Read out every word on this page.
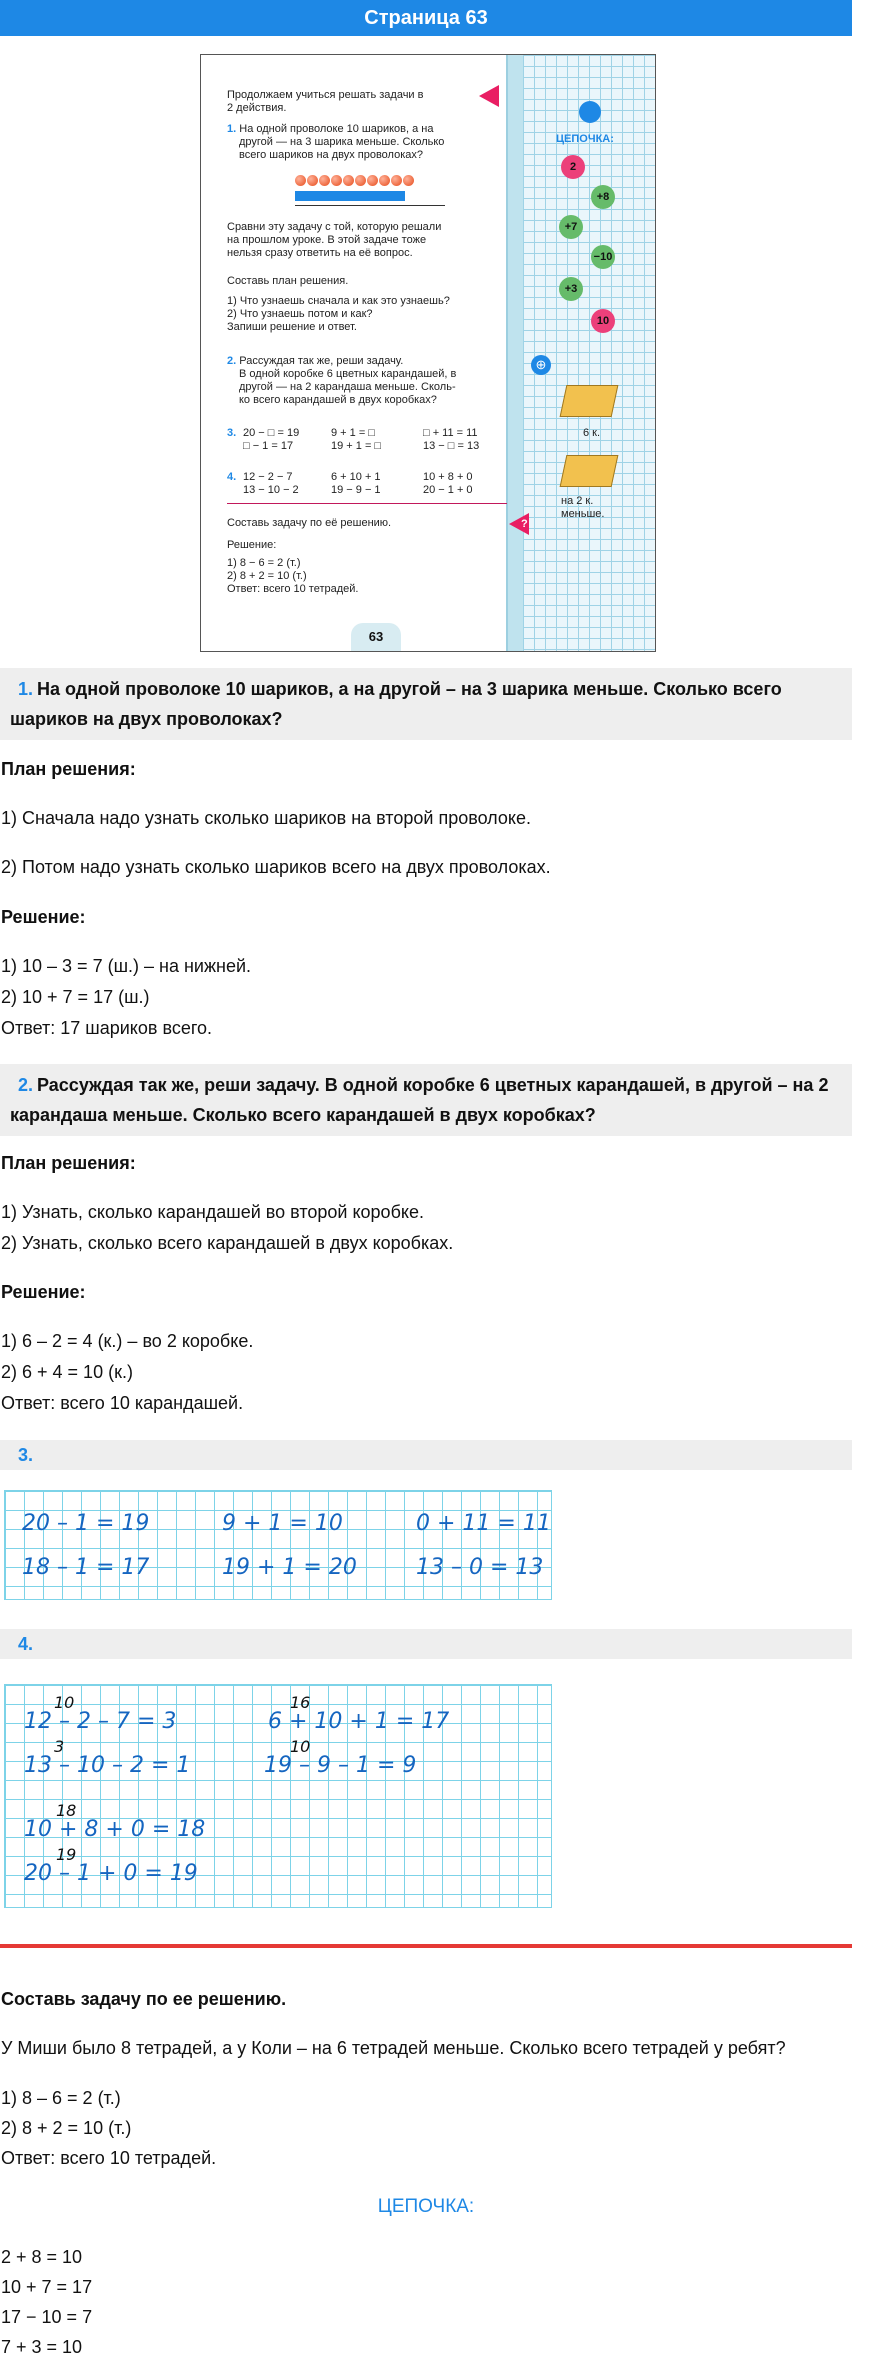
Страница 63
Продолжаем учиться решать задачи в
2 действия.
1. На одной проволоке 10 шариков, а на
другой — на 3 шарика меньше. Сколько
всего шариков на двух проволоках?
Сравни эту задачу с той, которую решали
на прошлом уроке. В этой задаче тоже
нельзя сразу ответить на её вопрос.
Составь план решения.
1) Что узнаешь сначала и как это узнаешь?
2) Что узнаешь потом и как?
Запиши решение и ответ.
2. Рассуждая так же, реши задачу.
В одной коробке 6 цветных карандашей, в
другой — на 2 карандаша меньше. Сколь-
ко всего карандашей в двух коробках?
3. 20 − □ = 19
□ − 1 = 17
9 + 1 = □
19 + 1 = □
□ + 11 = 11
13 − □ = 13
4. 12 − 2 − 7
13 − 10 − 2
6 + 10 + 1
19 − 9 − 1
10 + 8 + 0
20 − 1 + 0
Составь задачу по её решению.
Решение:
1) 8 − 6 = 2 (т.)
2) 8 + 2 = 10 (т.)
Ответ: всего 10 тетрадей.
63
ЦЕПОЧКА:
2
+8
+7
−10
+3
10
⊕
6 к.
на 2 к.
меньше.
?
1. На одной проволоке 10 шариков, а на другой – на 3 шарика меньше. Сколько всего шариков на двух проволоках?
План решения:
1) Сначала надо узнать сколько шариков на второй проволоке.
2) Потом надо узнать сколько шариков всего на двух проволоках.
Решение:
1) 10 – 3 = 7 (ш.) – на нижней.
2) 10 + 7 = 17 (ш.)
Ответ: 17 шариков всего.
2. Рассуждая так же, реши задачу. В одной коробке 6 цветных карандашей, в другой – на 2 карандаша меньше. Сколько всего карандашей в двух коробках?
План решения:
1) Узнать, сколько карандашей во второй коробке.
2) Узнать, сколько всего карандашей в двух коробках.
Решение:
1) 6 – 2 = 4 (к.) – во 2 коробке.
2) 6 + 4 = 10 (к.)
Ответ: всего 10 карандашей.
3.
20 – 1 = 19
18 – 1 = 17
9 + 1 = 10
19 + 1 = 20
0 + 11 = 11
13 – 0 = 13
4.
10
12 – 2 – 7 = 3
3
13 – 10 – 2 = 1
16
6 + 10 + 1 = 17
10
19 – 9 – 1 = 9
18
10 + 8 + 0 = 18
19
20 – 1 + 0 = 19
Составь задачу по ее решению.
У Миши было 8 тетрадей, а у Коли – на 6 тетрадей меньше. Сколько всего тетрадей у ребят?
1) 8 – 6 = 2 (т.)
2) 8 + 2 = 10 (т.)
Ответ: всего 10 тетрадей.
ЦЕПОЧКА:
2 + 8 = 10
10 + 7 = 17
17 − 10 = 7
7 + 3 = 10
